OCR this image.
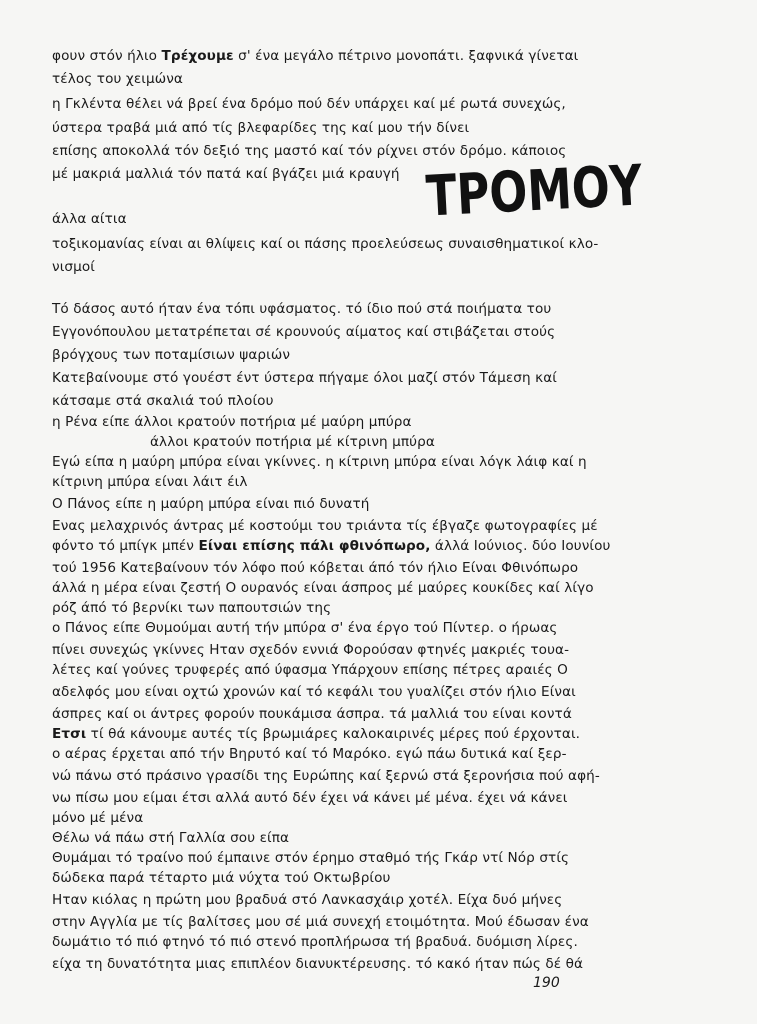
φουν στόν ήλιο Τρέχουμε σ' ένα μεγάλο πέτρινο μονοπάτι. ξαφνικά γίνεται
τέλος του χειμώνα
η Γκλέντα θέλει νά βρεί ένα δρόμο πού δέν υπάρχει καί μέ ρωτά συνεχώς,
ύστερα τραβά μιά από τίς βλεφαρίδες της καί μου τήν δίνει
επίσης αποκολλά τόν δεξιό της μαστό καί τόν ρίχνει στόν δρόμο. κάποιος
μέ μακριά μαλλιά τόν πατά καί βγάζει μιά κραυγή
άλλα αίτια
τοξικομανίας είναι αι θλίψεις καί οι πάσης προελεύσεως συναισθηματικοί κλο-
νισμοί
Τό δάσος αυτό ήταν ένα τόπι υφάσματος. τό ίδιο πού στά ποιήματα του
Εγγονόπουλου μετατρέπεται σέ κρουνούς αίματος καί στιβάζεται στούς
βρόγχους των ποταμίσιων ψαριών
Κατεβαίνουμε στό γουέστ έντ ύστερα πήγαμε όλοι μαζί στόν Τάμεση καί
κάτσαμε στά σκαλιά τού πλοίου
η Ρένα είπε άλλοι κρατούν ποτήρια μέ μαύρη μπύρα
άλλοι κρατούν ποτήρια μέ κίτρινη μπύρα
Εγώ είπα η μαύρη μπύρα είναι γκίννες. η κίτρινη μπύρα είναι λόγκ λάιφ καί η
κίτρινη μπύρα είναι λάιτ έιλ
Ο Πάνος είπε η μαύρη μπύρα είναι πιό δυνατή
Ενας μελαχρινός άντρας μέ κοστούμι του τριάντα τίς έβγαζε φωτογραφίες μέ
φόντο τό μπίγκ μπέν Είναι επίσης πάλι φθινόπωρο, άλλά Ιούνιος. δύο Ιουνίου
τού 1956 Κατεβαίνουν τόν λόφο πού κόβεται άπό τόν ήλιο Είναι Φθινόπωρο
άλλά η μέρα είναι ζεστή Ο ουρανός είναι άσπρος μέ μαύρες κουκίδες καί λίγο
ρόζ άπό τό βερνίκι των παπουτσιών της
ο Πάνος είπε Θυμούμαι αυτή τήν μπύρα σ' ένα έργο τού Πίντερ. ο ήρωας
πίνει συνεχώς γκίννες Ηταν σχεδόν εννιά Φορούσαν φτηνές μακριές τουα-
λέτες καί γούνες τρυφερές από ύφασμα Υπάρχουν επίσης πέτρες αραιές Ο
αδελφός μου είναι οχτώ χρονών καί τό κεφάλι του γυαλίζει στόν ήλιο Είναι
άσπρες καί οι άντρες φορούν πουκάμισα άσπρα. τά μαλλιά του είναι κοντά
Ετσι τί θά κάνουμε αυτές τίς βρωμιάρες καλοκαιρινές μέρες πού έρχονται.
ο αέρας έρχεται από τήν Βηρυτό καί τό Μαρόκο. εγώ πάω δυτικά καί ξερ-
νώ πάνω στό πράσινο γρασίδι της Ευρώπης καί ξερνώ στά ξερονήσια πού αφή-
νω πίσω μου είμαι έτσι αλλά αυτό δέν έχει νά κάνει μέ μένα. έχει νά κάνει
μόνο μέ μένα
Θέλω νά πάω στή Γαλλία σου είπα
Θυμάμαι τό τραίνο πού έμπαινε στόν έρημο σταθμό τής Γκάρ ντί Νόρ στίς
δώδεκα παρά τέταρτο μιά νύχτα τού Οκτωβρίου
Ηταν κιόλας η πρώτη μου βραδυά στό Λανκασχάιρ χοτέλ. Είχα δυό μήνες
στην Αγγλία με τίς βαλίτσες μου σέ μιά συνεχή ετοιμότητα. Μού έδωσαν ένα
δωμάτιο τό πιό φτηνό τό πιό στενό προπλήρωσα τή βραδυά. δυόμιση λίρες.
είχα τη δυνατότητα μιας επιπλέον διανυκτέρευσης. τό κακό ήταν πώς δέ θά
ΤΡΟΜΟΥ
190
